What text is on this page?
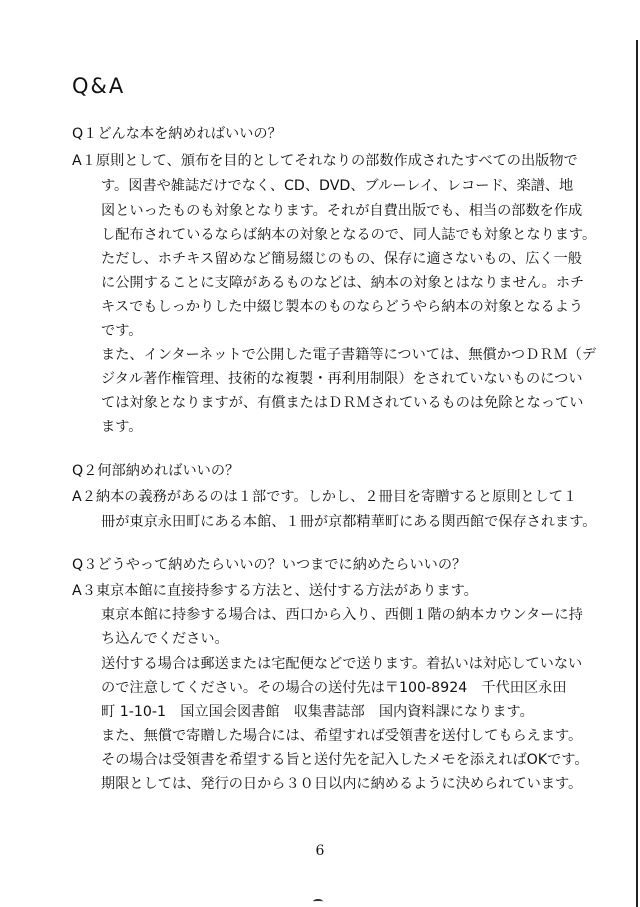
Q&A
Q１どんな本を納めればいいの？
A１原則として、頒布を目的としてそれなりの部数作成されたすべての出版物で
す。図書や雑誌だけでなく、CD、DVD、ブルーレイ、レコード、楽譜、地
図といったものも対象となります。それが自費出版でも、相当の部数を作成
し配布されているならば納本の対象となるので、同人誌でも対象となります。
ただし、ホチキス留めなど簡易綴じのもの、保存に適さないもの、広く一般
に公開することに支障があるものなどは、納本の対象とはなりません。ホチ
キスでもしっかりした中綴じ製本のものならどうやら納本の対象となるよう
です。
また、インターネットで公開した電子書籍等については、無償かつＤＲＭ（デ
ジタル著作権管理、技術的な複製・再利用制限）をされていないものについ
ては対象となりますが、有償またはＤＲＭされているものは免除となってい
ます。
Q２何部納めればいいの？
A２納本の義務があるのは１部です。しかし、２冊目を寄贈すると原則として１
冊が東京永田町にある本館、１冊が京都精華町にある関西館で保存されます。
Q３どうやって納めたらいいの？いつまでに納めたらいいの？
A３東京本館に直接持参する方法と、送付する方法があります。
東京本館に持参する場合は、西口から入り、西側１階の納本カウンターに持
ち込んでください。
送付する場合は郵送または宅配便などで送ります。着払いは対応していない
ので注意してください。その場合の送付先は〒100-8924　千代田区永田
町 1-10-1　国立国会図書館　収集書誌部　国内資料課になります。
また、無償で寄贈した場合には、希望すれば受領書を送付してもらえます。
その場合は受領書を希望する旨と送付先を記入したメモを添えればOKです。
期限としては、発行の日から３０日以内に納めるように決められています。
6
